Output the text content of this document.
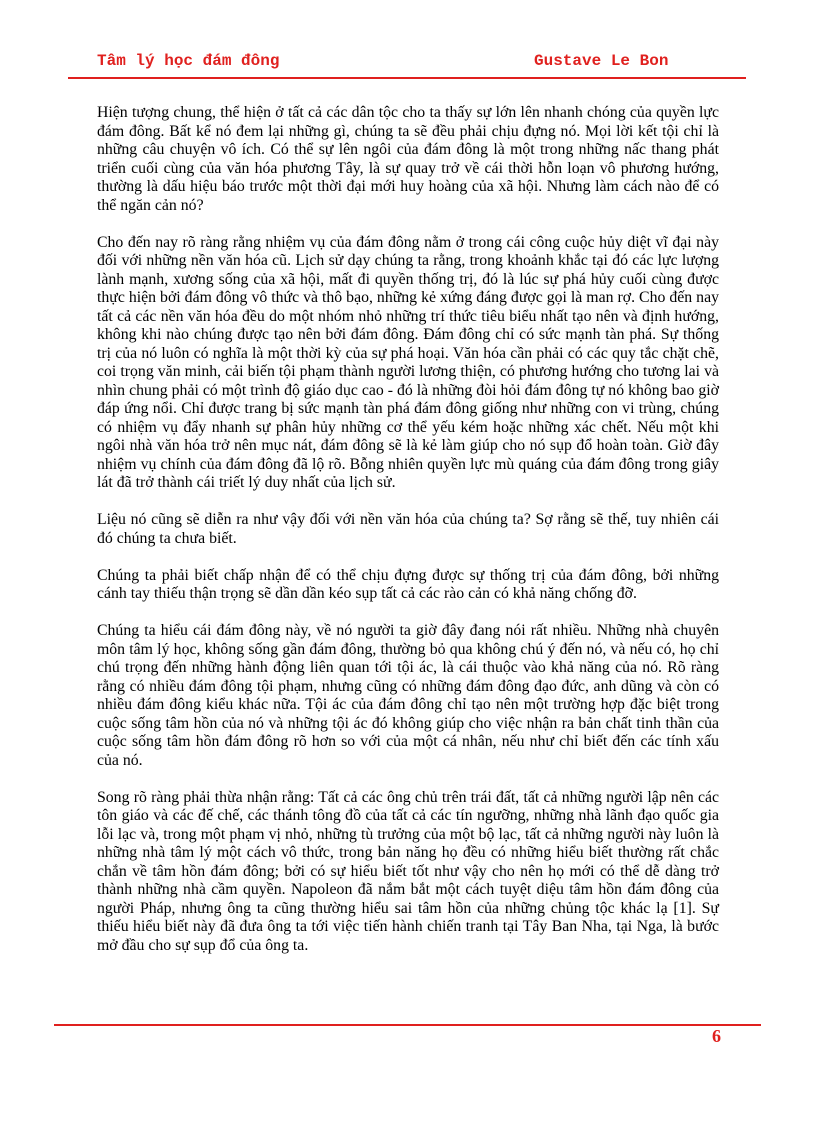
Tâm lý học đám đông	Gustave Le Bon

Hiện tượng chung, thể hiện ở tất cả các dân tộc cho ta thấy sự lớn lên nhanh chóng của quyền lực đám đông. Bất kể nó đem lại những gì, chúng ta sẽ đều phải chịu đựng nó. Mọi lời kết tội chỉ là những câu chuyện vô ích. Có thể sự lên ngôi của đám đông là một trong những nấc thang phát triển cuối cùng của văn hóa phương Tây, là sự quay trở về cái thời hỗn loạn vô phương hướng, thường là dấu hiệu báo trước một thời đại mới huy hoàng của xã hội. Nhưng làm cách nào để có thể ngăn cản nó?

Cho đến nay rõ ràng rằng nhiệm vụ của đám đông nằm ở trong cái công cuộc hủy diệt vĩ đại này đối với những nền văn hóa cũ. Lịch sử dạy chúng ta rằng, trong khoảnh khắc tại đó các lực lượng lành mạnh, xương sống của xã hội, mất đi quyền thống trị, đó là lúc sự phá hủy cuối cùng được thực hiện bởi đám đông vô thức và thô bạo, những kẻ xứng đáng được gọi là man rợ. Cho đến nay tất cả các nền văn hóa đều do một nhóm nhỏ những trí thức tiêu biểu nhất tạo nên và định hướng, không khi nào chúng được tạo nên bởi đám đông. Đám đông chỉ có sức mạnh tàn phá. Sự thống trị của nó luôn có nghĩa là một thời kỳ của sự phá hoại. Văn hóa cần phải có các quy tắc chặt chẽ, coi trọng văn minh, cải biến tội phạm thành người lương thiện, có phương hướng cho tương lai và nhìn chung phải có một trình độ giáo dục cao - đó là những đòi hỏi đám đông tự nó không bao giờ đáp ứng nổi. Chỉ được trang bị sức mạnh tàn phá đám đông giống như những con vi trùng, chúng có nhiệm vụ đẩy nhanh sự phân hủy những cơ thể yếu kém hoặc những xác chết. Nếu một khi ngôi nhà văn hóa trở nên mục nát, đám đông sẽ là kẻ làm giúp cho nó sụp đổ hoàn toàn. Giờ đây nhiệm vụ chính của đám đông đã lộ rõ. Bỗng nhiên quyền lực mù quáng của đám đông trong giây lát đã trở thành cái triết lý duy nhất của lịch sử.

Liệu nó cũng sẽ diễn ra như vậy đối với nền văn hóa của chúng ta? Sợ rằng sẽ thế, tuy nhiên cái đó chúng ta chưa biết.

Chúng ta phải biết chấp nhận để có thể chịu đựng được sự thống trị của đám đông, bởi những cánh tay thiếu thận trọng sẽ dần dần kéo sụp tất cả các rào cản có khả năng chống đỡ.

Chúng ta hiểu cái đám đông này, về nó người ta giờ đây đang nói rất nhiều. Những nhà chuyên môn tâm lý học, không sống gần đám đông, thường bỏ qua không chú ý đến nó, và nếu có, họ chỉ chú trọng đến những hành động liên quan tới tội ác, là cái thuộc vào khả năng của nó. Rõ ràng rằng có nhiều đám đông tội phạm, nhưng cũng có những đám đông đạo đức, anh dũng và còn có nhiều đám đông kiểu khác nữa. Tội ác của đám đông chỉ tạo nên một trường hợp đặc biệt trong cuộc sống tâm hồn của nó và những tội ác đó không giúp cho việc nhận ra bản chất tinh thần của cuộc sống tâm hồn đám đông rõ hơn so với của một cá nhân, nếu như chỉ biết đến các tính xấu của nó.

Song rõ ràng phải thừa nhận rằng: Tất cả các ông chủ trên trái đất, tất cả những người lập nên các tôn giáo và các đế chế, các thánh tông đồ của tất cả các tín ngưỡng, những nhà lãnh đạo quốc gia lỗi lạc và, trong một phạm vị nhỏ, những tù trưởng của một bộ lạc, tất cả những người này luôn là những nhà tâm lý một cách vô thức, trong bản năng họ đều có những hiểu biết thường rất chắc chắn về tâm hồn đám đông; bởi có sự hiểu biết tốt như vậy cho nên họ mới có thể dễ dàng trở thành những nhà cầm quyền. Napoleon đã nắm bắt một cách tuyệt diệu tâm hồn đám đông của người Pháp, nhưng ông ta cũng thường hiểu sai tâm hồn của những chủng tộc khác lạ [1]. Sự thiếu hiểu biết này đã đưa ông ta tới việc tiến hành chiến tranh tại Tây Ban Nha, tại Nga, là bước mở đầu cho sự sụp đổ của ông ta.

6
